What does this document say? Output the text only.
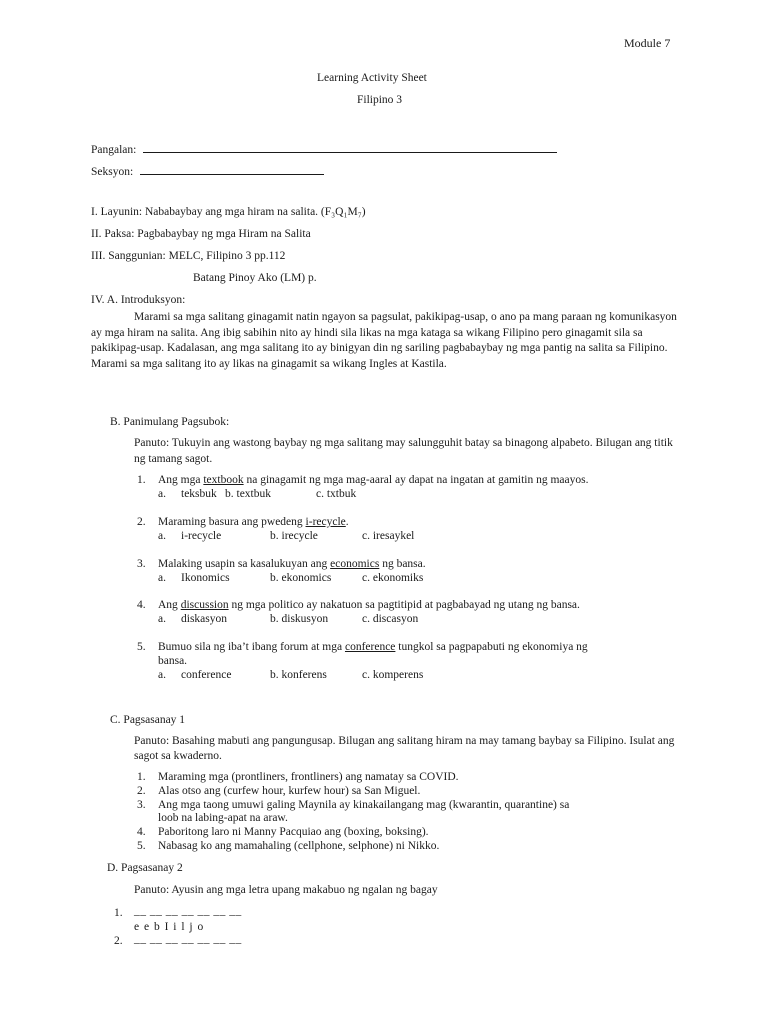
Module 7
Learning Activity Sheet
Filipino 3
Pangalan:
Seksyon:
I. Layunin: Nababaybay ang mga hiram na salita. (F₃Q₁M₇)
II. Paksa: Pagbabaybay ng mga Hiram na Salita
III. Sanggunian: MELC, Filipino 3 pp.112
Batang Pinoy Ako (LM) p.
IV. A. Introduksyon:
Marami sa mga salitang ginagamit natin ngayon sa pagsulat, pakikipag-usap, o ano pa mang paraan ng komunikasyon ay mga hiram na salita. Ang ibig sabihin nito ay hindi sila likas na mga kataga sa wikang Filipino pero ginagamit sila sa pakikipag-usap. Kadalasan, ang mga salitang ito ay binigyan din ng sariling pagbabaybay ng mga pantig na salita sa Filipino. Marami sa mga salitang ito ay likas na ginagamit sa wikang Ingles at Kastila.
B. Panimulang Pagsubok:
Panuto: Tukuyin ang wastong baybay ng mga salitang may salungguhit batay sa binagong alpabeto. Bilugan ang titik ng tamang sagot.
1. Ang mga textbook na ginagamit ng mga mag-aaral ay dapat na ingatan at gamitin ng maayos.
a. teksbuk b. textbuk	c. txtbuk
2. Maraming basura ang pwedeng i-recycle.
a. i-recycle	b. irecycle	c. iresaykel
3. Malaking usapin sa kasalukuyan ang economics ng bansa.
a. Ikonomics	b. ekonomics	c. ekonomiks
4. Ang discussion ng mga politico ay nakatuon sa pagtitipid at pagbabayad ng utang ng bansa.
a. diskasyon	b. diskusyon	c. discasyon
5. Bumuo sila ng iba’t ibang forum at mga conference tungkol sa pagpapabuti ng ekonomiya ng
bansa.
a. conference	b. konferens	c. komperens
C. Pagsasanay 1
Panuto: Basahing mabuti ang pangungusap. Bilugan ang salitang hiram na may tamang baybay sa Filipino. Isulat ang sagot sa kwaderno.
1. Maraming mga (prontliners, frontliners) ang namatay sa COVID.
2. Alas otso ang (curfew hour, kurfew hour) sa San Miguel.
3. Ang mga taong umuwi galing Maynila ay kinakailangang mag (kwarantin, quarantine) sa
loob na labing-apat na araw.
4. Paboritong laro ni Manny Pacquiao ang (boxing, boksing).
5. Nabasag ko ang mamahaling (cellphone, selphone) ni Nikko.
D. Pagsasanay 2
Panuto: Ayusin ang mga letra upang makabuo ng ngalan ng bagay
1. __ __ __ __ __ __ __
e e b I i l j o
2. __ __ __ __ __ __ __
